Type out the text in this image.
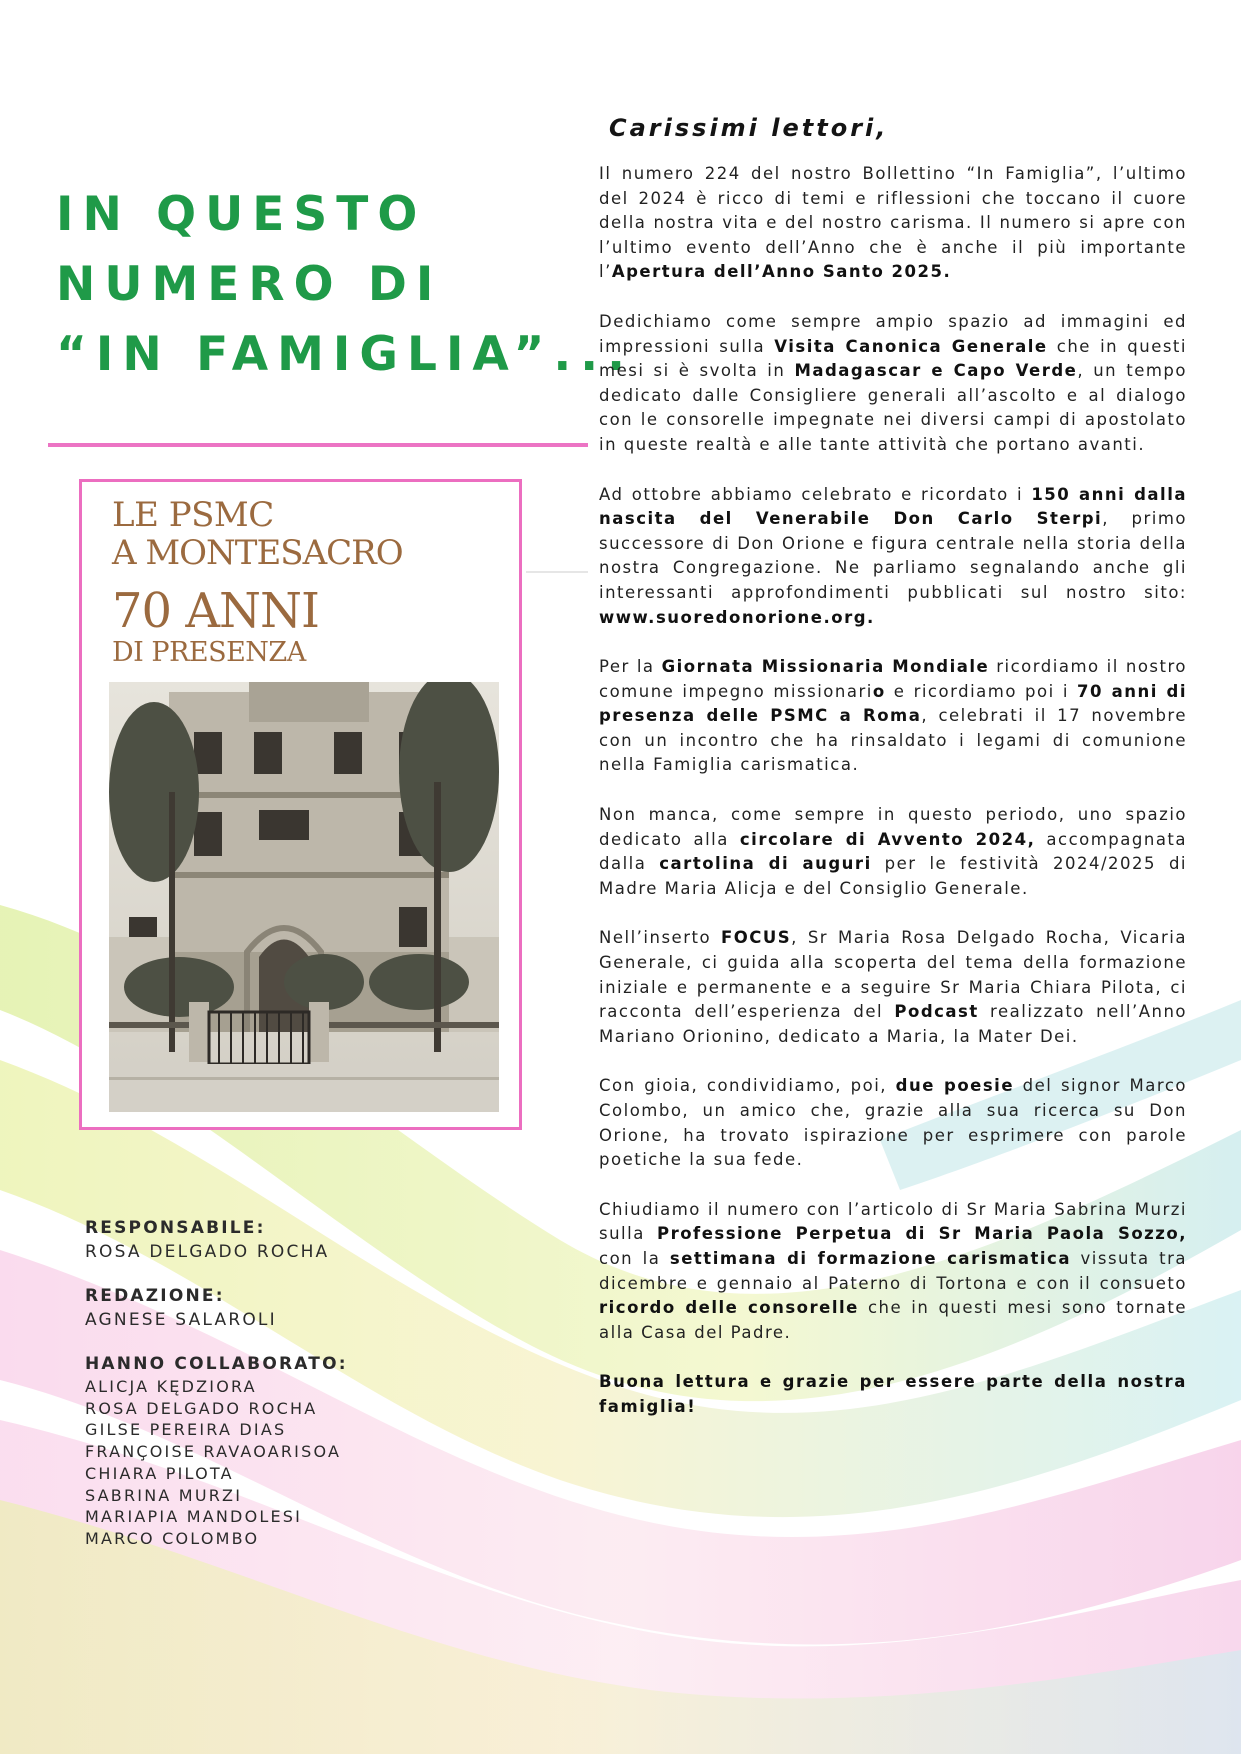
IN QUESTO
NUMERO DI
“IN FAMIGLIA”...
LE PSMC
A MONTESACRO
70 ANNI
DI PRESENZA
RESPONSABILE:
ROSA DELGADO ROCHA
REDAZIONE:
AGNESE SALAROLI
HANNO COLLABORATO:
ALICJA KĘDZIORA
ROSA DELGADO ROCHA
GILSE PEREIRA DIAS
FRANÇOISE RAVAOARISOA
CHIARA PILOTA
SABRINA MURZI
MARIAPIA MANDOLESI
MARCO COLOMBO
Carissimi lettori,

Il numero 224 del nostro Bollettino “In Famiglia”, l’ultimo del 2024 è ricco di temi e riflessioni che toccano il cuore della nostra vita e del nostro carisma. Il numero si apre con l’ultimo evento dell’Anno che è anche il più importante l’Apertura dell’Anno Santo 2025.

Dedichiamo come sempre ampio spazio ad immagini ed impressioni sulla Visita Canonica Generale che in questi mesi si è svolta in Madagascar e Capo Verde, un tempo dedicato dalle Consigliere generali all’ascolto e al dialogo con le consorelle impegnate nei diversi campi di apostolato in queste realtà e alle tante attività che portano avanti.

Ad ottobre abbiamo celebrato e ricordato i 150 anni dalla nascita del Venerabile Don Carlo Sterpi, primo successore di Don Orione e figura centrale nella storia della nostra Congregazione. Ne parliamo segnalando anche gli interessanti approfondimenti pubblicati sul nostro sito: www.suoredonorione.org.

Per la Giornata Missionaria Mondiale ricordiamo il nostro comune impegno missionario e ricordiamo poi i 70 anni di presenza delle PSMC a Roma, celebrati il 17 novembre con un incontro che ha rinsaldato i legami di comunione nella Famiglia carismatica.

Non manca, come sempre in questo periodo, uno spazio dedicato alla circolare di Avvento 2024, accompagnata dalla cartolina di auguri per le festività 2024/2025 di Madre Maria Alicja e del Consiglio Generale.

Nell’inserto FOCUS, Sr Maria Rosa Delgado Rocha, Vicaria Generale, ci guida alla scoperta del tema della formazione iniziale e permanente e a seguire Sr Maria Chiara Pilota, ci racconta dell’esperienza del Podcast realizzato nell’Anno Mariano Orionino, dedicato a Maria, la Mater Dei.

Con gioia, condividiamo, poi, due poesie del signor Marco Colombo, un amico che, grazie alla sua ricerca su Don Orione, ha trovato ispirazione per esprimere con parole poetiche la sua fede.

Chiudiamo il numero con l’articolo di Sr Maria Sabrina Murzi sulla Professione Perpetua di Sr Maria Paola Sozzo, con la settimana di formazione carismatica vissuta tra dicembre e gennaio al Paterno di Tortona e con il consueto ricordo delle consorelle che in questi mesi sono tornate alla Casa del Padre.

Buona lettura e grazie per essere parte della nostra famiglia!
